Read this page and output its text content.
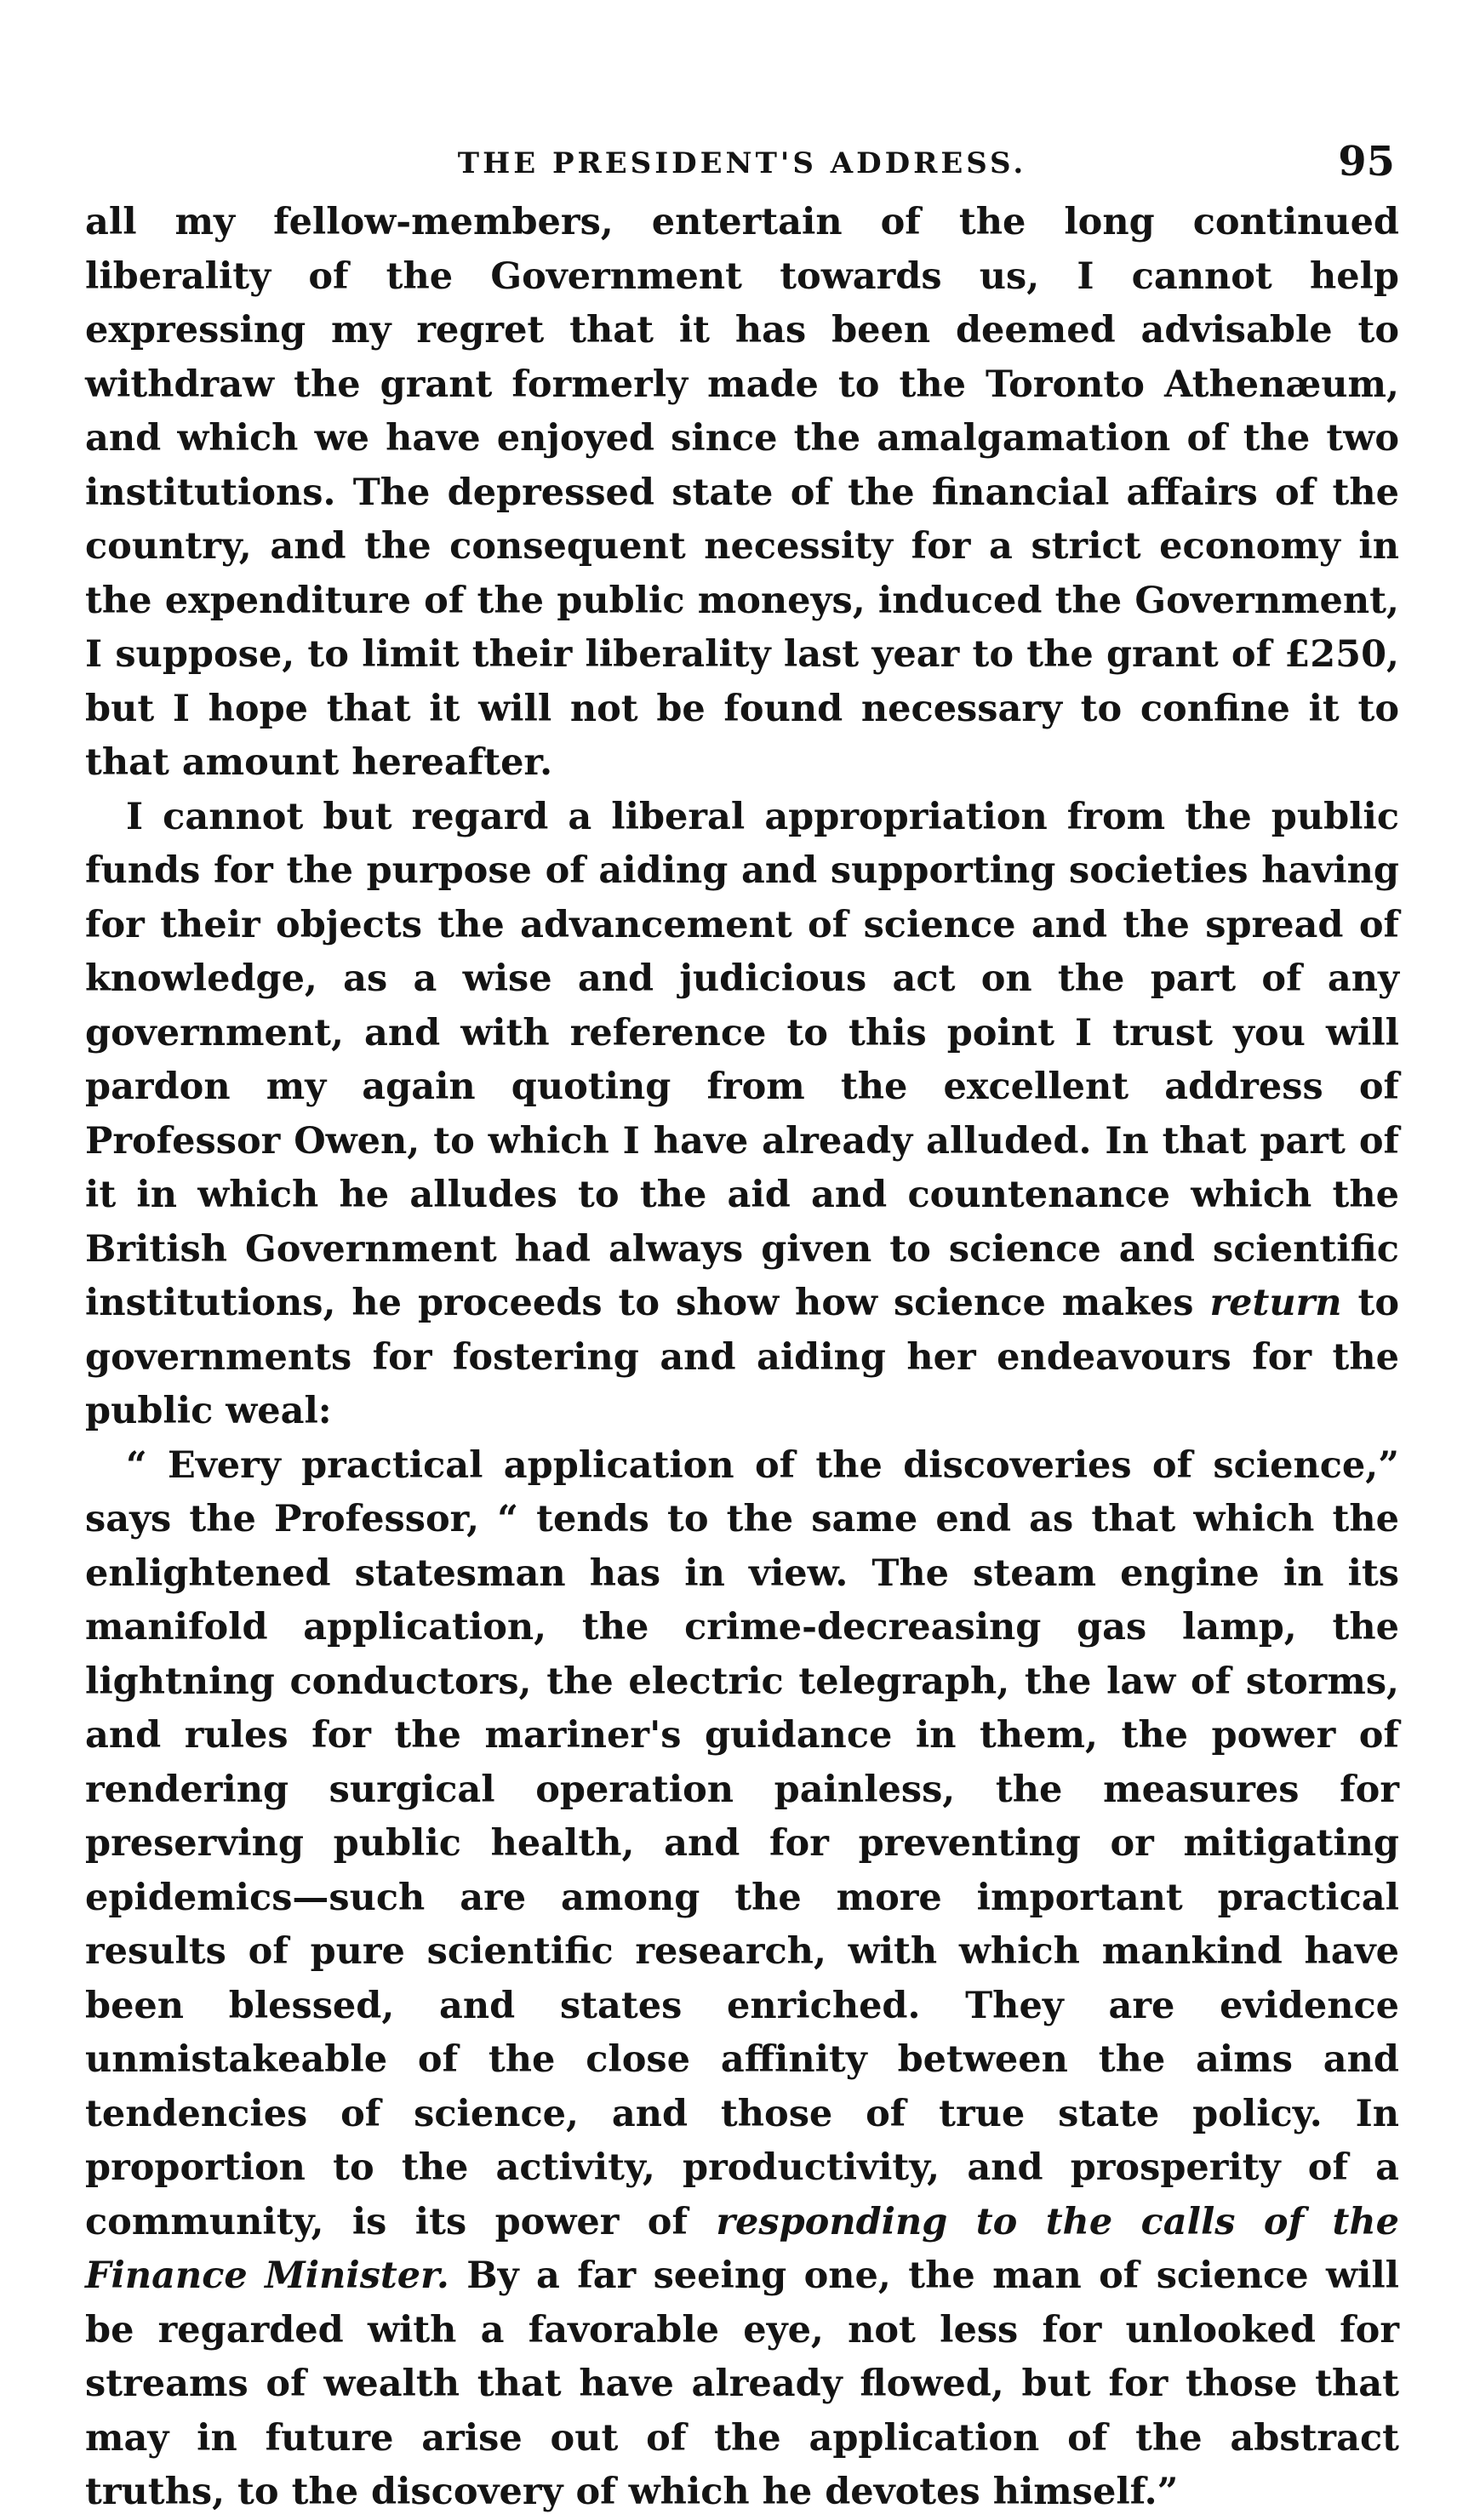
THE PRESIDENT'S ADDRESS.	95

all my fellow-members, entertain of the long continued liberality of the Government towards us, I cannot help expressing my regret that it has been deemed advisable to withdraw the grant formerly made to the Toronto Athenæum, and which we have enjoyed since the amalgamation of the two institutions. The depressed state of the financial affairs of the country, and the consequent necessity for a strict economy in the expenditure of the public moneys, induced the Government, I suppose, to limit their liberality last year to the grant of £250, but I hope that it will not be found necessary to confine it to that amount hereafter.

I cannot but regard a liberal appropriation from the public funds for the purpose of aiding and supporting societies having for their objects the advancement of science and the spread of knowledge, as a wise and judicious act on the part of any government, and with reference to this point I trust you will pardon my again quoting from the excellent address of Professor Owen, to which I have already alluded. In that part of it in which he alludes to the aid and countenance which the British Government had always given to science and scientific institutions, he proceeds to show how science makes return to governments for fostering and aiding her endeavours for the public weal:

“ Every practical application of the discoveries of science,” says the Professor, “ tends to the same end as that which the enlightened statesman has in view. The steam engine in its manifold application, the crime-decreasing gas lamp, the lightning conductors, the electric telegraph, the law of storms, and rules for the mariner's guidance in them, the power of rendering surgical operation painless, the measures for preserving public health, and for preventing or mitigating epidemics—such are among the more important practical results of pure scientific research, with which mankind have been blessed, and states enriched. They are evidence unmistakeable of the close affinity between the aims and tendencies of science, and those of true state policy. In proportion to the activity, productivity, and prosperity of a community, is its power of responding to the calls of the Finance Minister. By a far seeing one, the man of science will be regarded with a favorable eye, not less for unlooked for streams of wealth that have already flowed, but for those that may in future arise out of the application of the abstract truths, to the discovery of which he devotes himself.”
